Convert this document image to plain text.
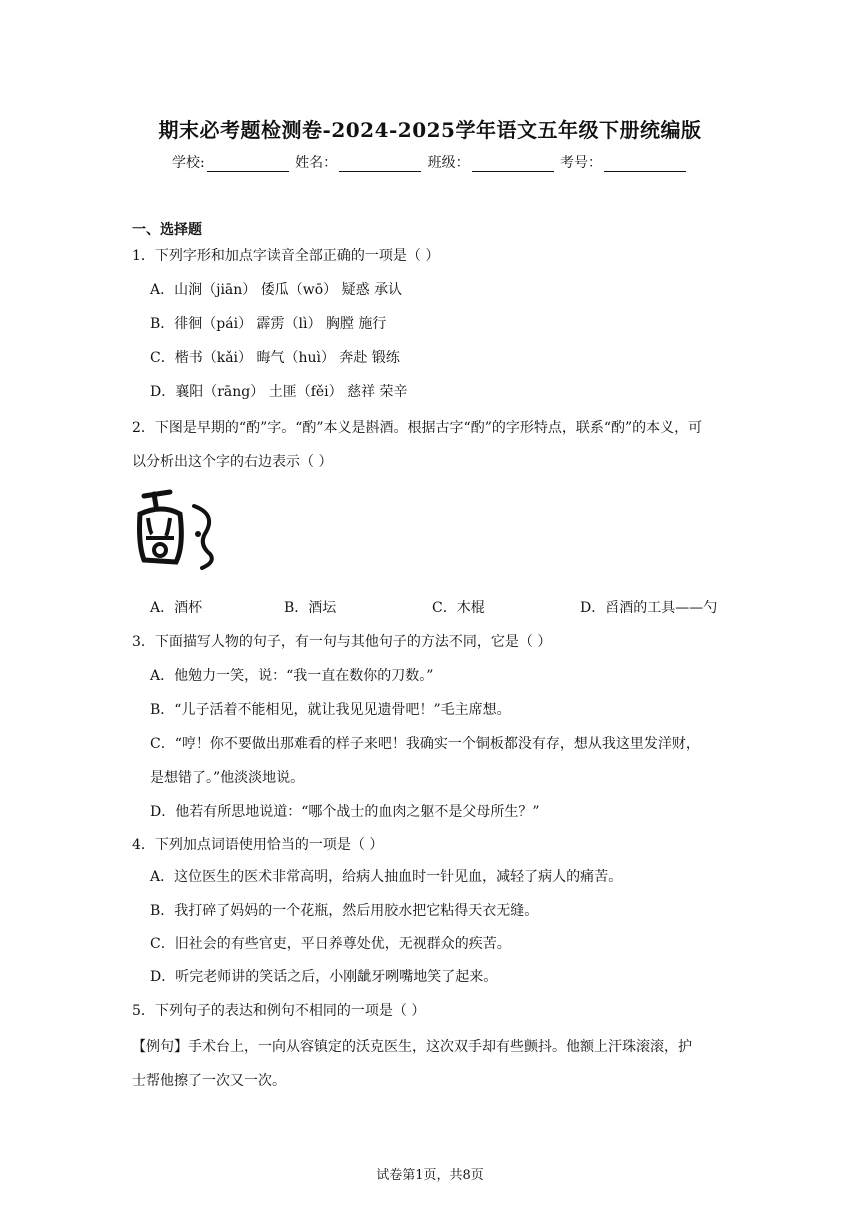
期末必考题检测卷-2024-2025学年语文五年级下册统编版
学校:	姓名：	班级：	考号：
一、选择题
1．下列字形和加点字读音全部正确的一项是（ ）
A．山涧（jiān） 倭瓜（wō） 疑惑 承认
B．徘徊（pái） 霹雳（lì） 胸膛 施行
C．楷书（kǎi） 晦气（huì） 奔赴 锻练
D．襄阳（rāng） 土匪（fěi） 慈祥 荣辛
2．下图是早期的“酌”字。“酌”本义是斟酒。根据古字“酌”的字形特点，联系“酌”的本义，可
以分析出这个字的右边表示（ ）
A．酒杯	B．酒坛	C．木棍	D．舀酒的工具——勺
3．下面描写人物的句子，有一句与其他句子的方法不同，它是（ ）
A．他勉力一笑，说：“我一直在数你的刀数。”
B．“儿子活着不能相见，就让我见见遗骨吧！”毛主席想。
C．“哼！你不要做出那难看的样子来吧！我确实一个铜板都没有存，想从我这里发洋财，
是想错了。”他淡淡地说。
D．他若有所思地说道：“哪个战士的血肉之躯不是父母所生？”
4．下列加点词语使用恰当的一项是（ ）
A．这位医生的医术非常高明，给病人抽血时一针见血，减轻了病人的痛苦。
B．我打碎了妈妈的一个花瓶，然后用胶水把它粘得天衣无缝。
C．旧社会的有些官吏，平日养尊处优，无视群众的疾苦。
D．听完老师讲的笑话之后，小刚龇牙咧嘴地笑了起来。
5．下列句子的表达和例句不相同的一项是（ ）
【例句】手术台上，一向从容镇定的沃克医生，这次双手却有些颤抖。他额上汗珠滚滚，护
士帮他擦了一次又一次。
试卷第1页，共8页
